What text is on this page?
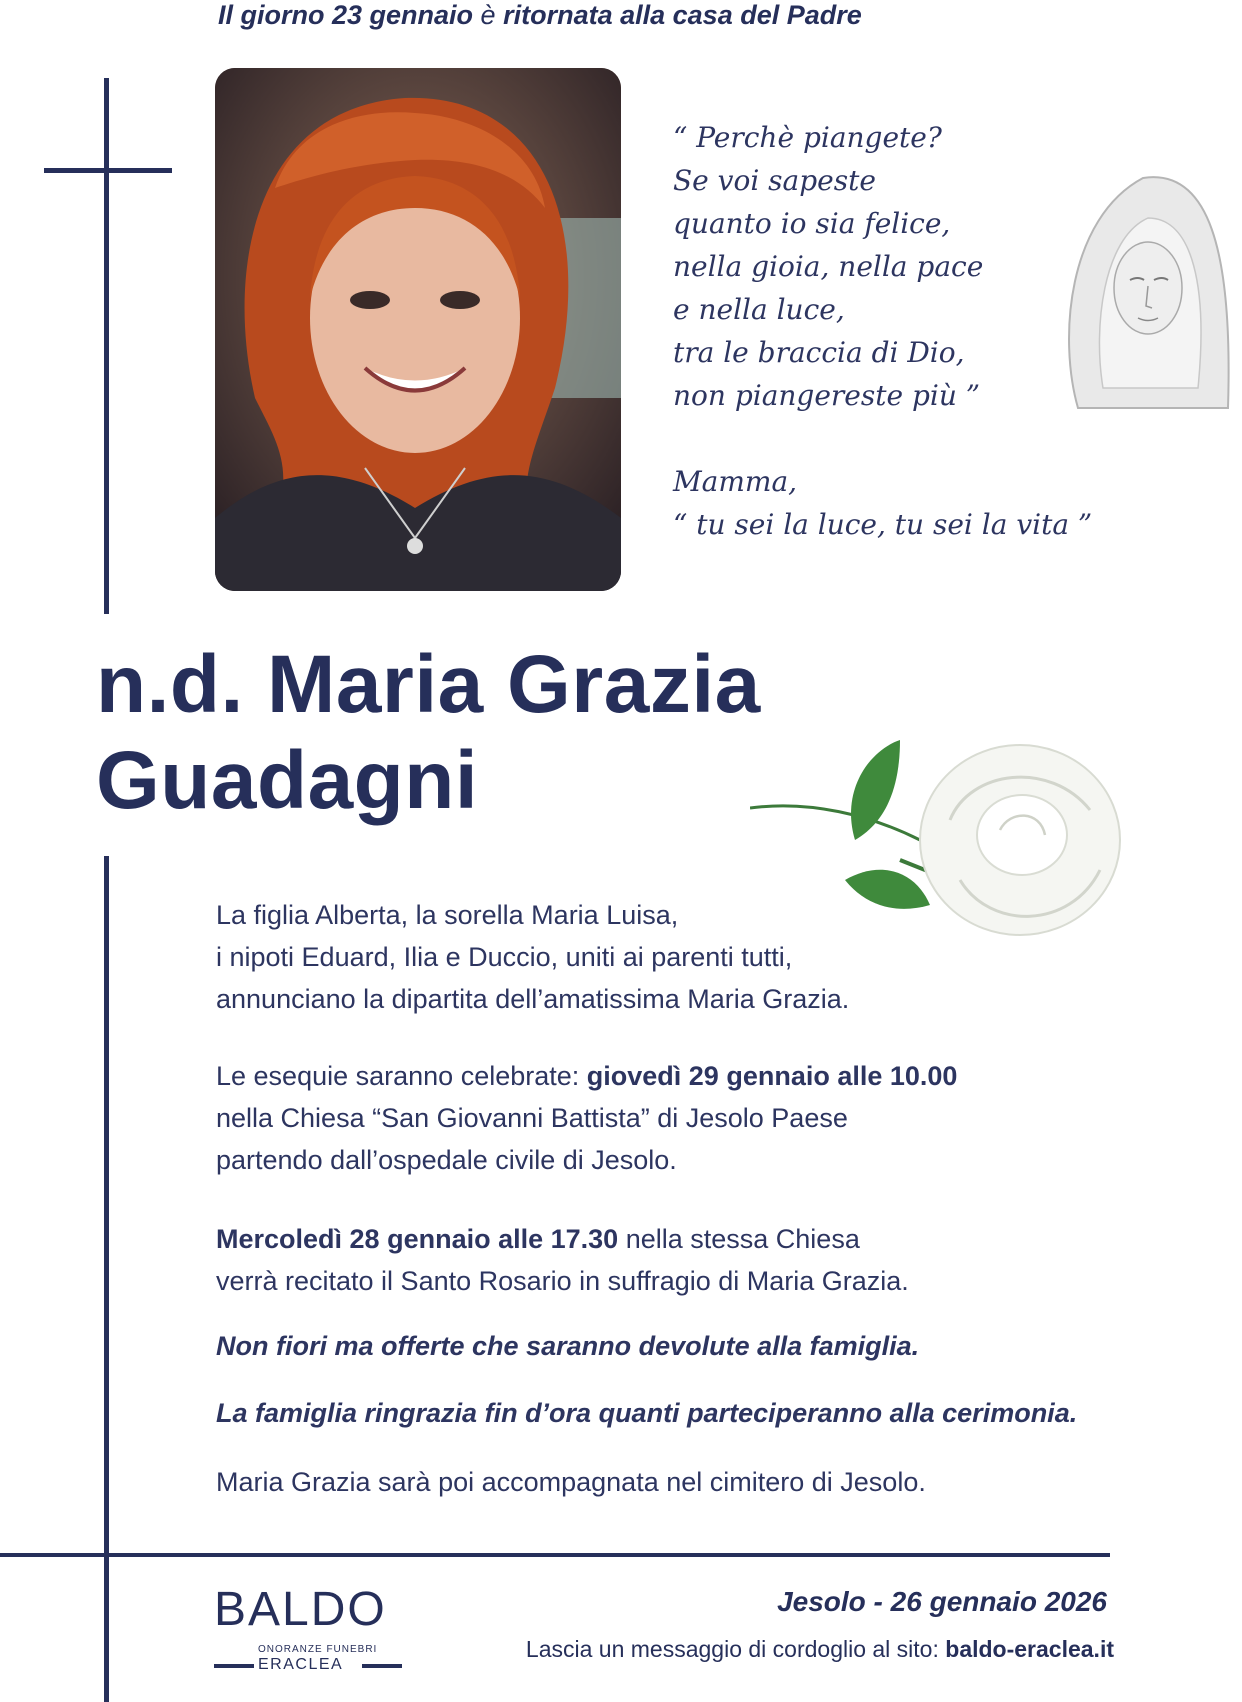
Il giorno 23 gennaio è ritornata alla casa del Padre
“ Perchè piangete?
Se voi sapeste
quanto io sia felice,
nella gioia, nella pace
e nella luce,
tra le braccia di Dio,
non piangereste più ”
Mamma,
“ tu sei la luce, tu sei la vita ”
n.d. Maria Grazia
Guadagni
La figlia Alberta, la sorella Maria Luisa,
i nipoti Eduard, Ilia e Duccio, uniti ai parenti tutti,
annunciano la dipartita dell’amatissima Maria Grazia.
Le esequie saranno celebrate: giovedì 29 gennaio alle 10.00
nella Chiesa “San Giovanni Battista” di Jesolo Paese
partendo dall’ospedale civile di Jesolo.
Mercoledì 28 gennaio alle 17.30 nella stessa Chiesa
verrà recitato il Santo Rosario in suffragio di Maria Grazia.
Non fiori ma offerte che saranno devolute alla famiglia.
La famiglia ringrazia fin d’ora quanti parteciperanno alla cerimonia.
Maria Grazia sarà poi accompagnata nel cimitero di Jesolo.
BALDO
ONORANZE FUNEBRI
ERACLEA
Jesolo - 26 gennaio 2026
Lascia un messaggio di cordoglio al sito: baldo-eraclea.it
